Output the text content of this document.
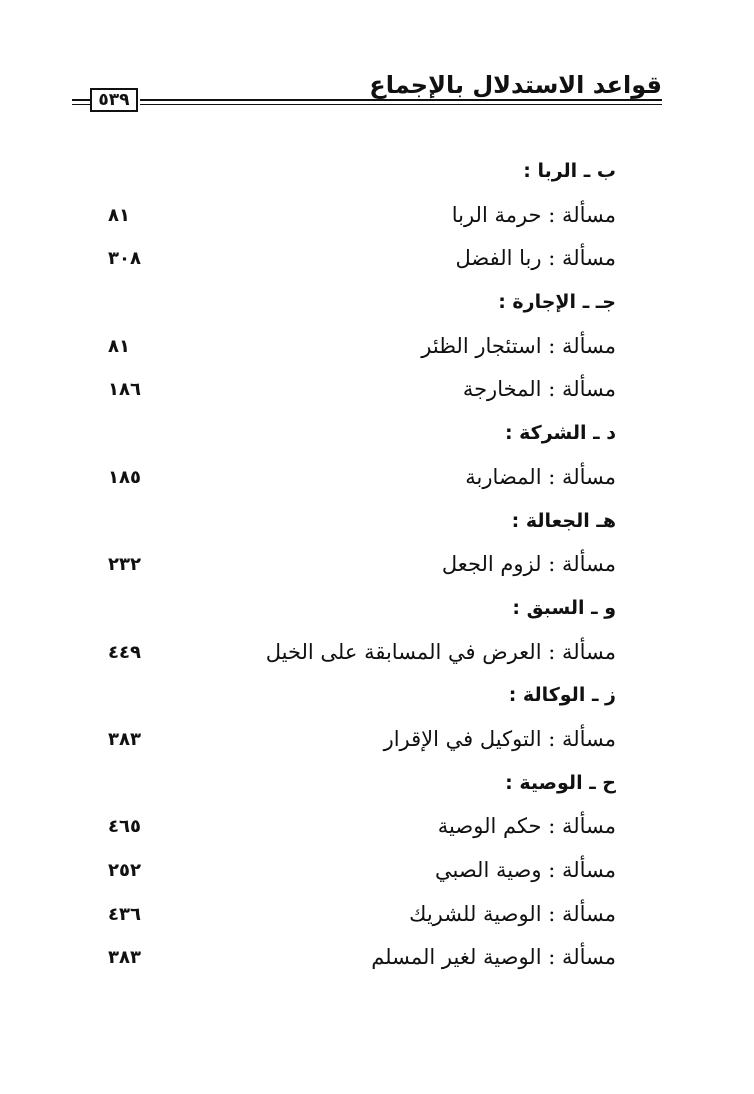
قواعد الاستدلال بالإجماع
٥٣٩
ب ـ الربا :
مسألة : حرمة الربا
٨١
مسألة : ربا الفضل
٣٠٨
جـ ـ الإجارة :
مسألة : استئجار الظئر
٨١
مسألة : المخارجة
١٨٦
د ـ الشركة :
مسألة : المضاربة
١٨٥
هـ الجعالة :
مسألة : لزوم الجعل
٢٣٢
و ـ السبق :
مسألة : العرض في المسابقة على الخيل
٤٤٩
ز ـ الوكالة :
مسألة : التوكيل في الإقرار
٣٨٣
ح ـ الوصية :
مسألة : حكم الوصية
٤٦٥
مسألة : وصية الصبي
٢٥٢
مسألة : الوصية للشريك
٤٣٦
مسألة : الوصية لغير المسلم
٣٨٣
